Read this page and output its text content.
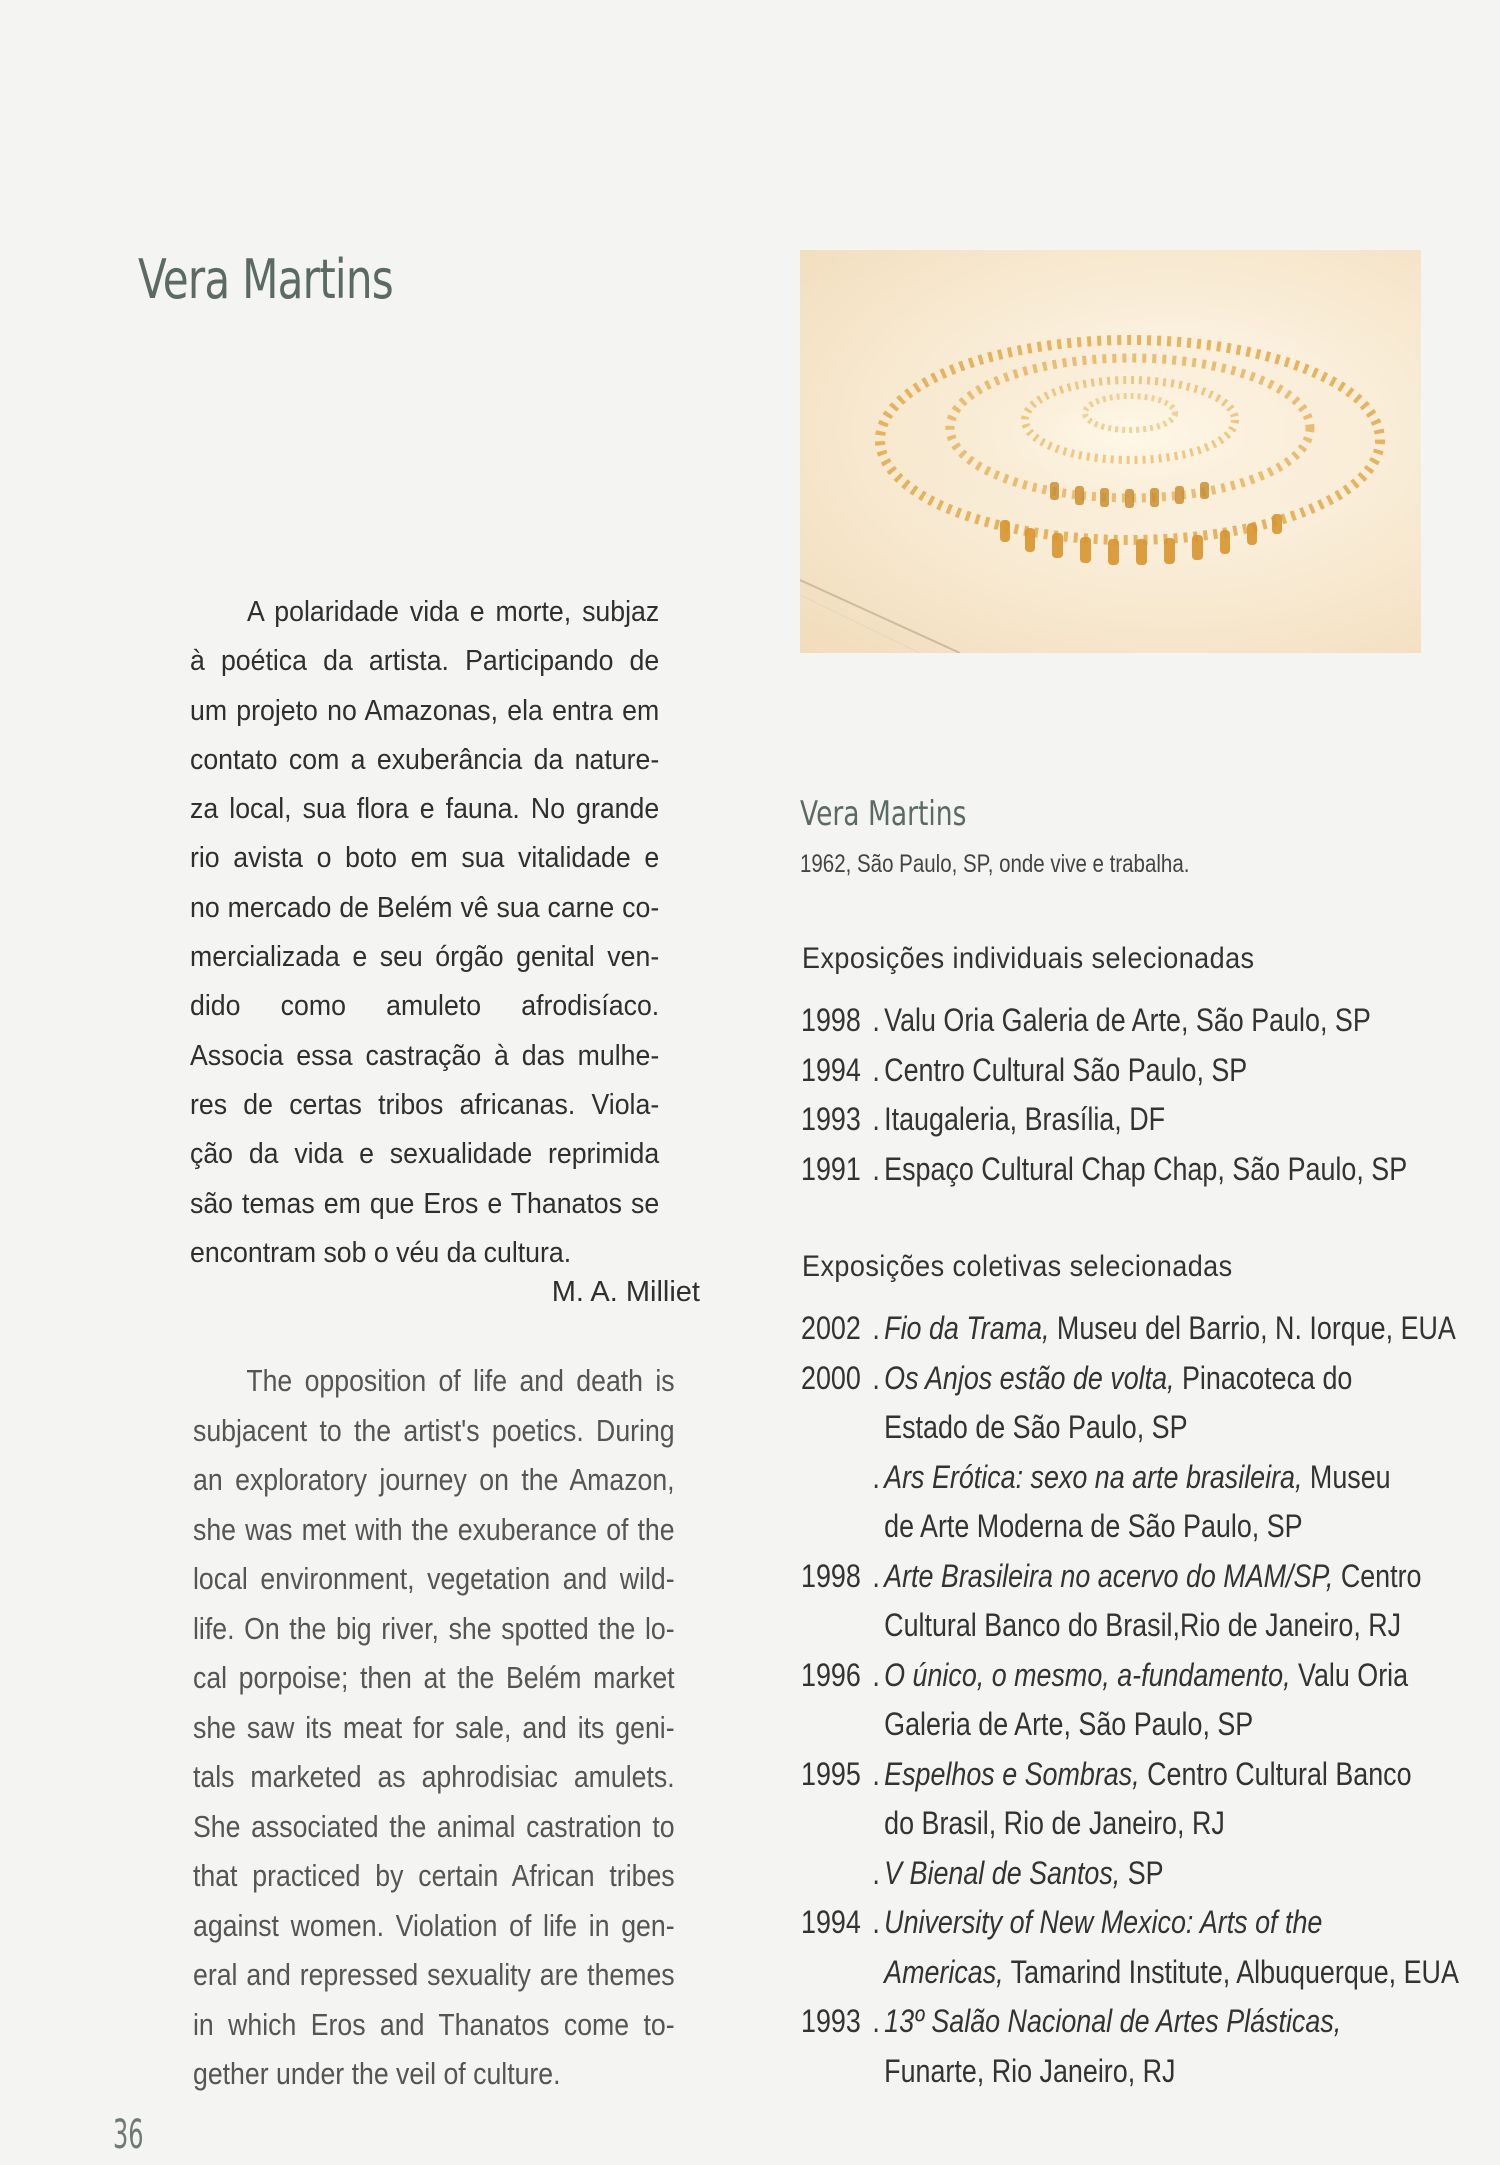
Vera Martins
A polaridade vida e morte, subjaz
à poética da artista. Participando de
um projeto no Amazonas, ela entra em
contato com a exuberância da nature-
za local, sua flora e fauna. No grande
rio avista o boto em sua vitalidade e
no mercado de Belém vê sua carne co-
mercializada e seu órgão genital ven-
dido como amuleto afrodisíaco.
Associa essa castração à das mulhe-
res de certas tribos africanas. Viola-
ção da vida e sexualidade reprimida
são temas em que Eros e Thanatos se
encontram sob o véu da cultura.
M. A. Milliet
The opposition of life and death is
subjacent to the artist's poetics. During
an exploratory journey on the Amazon,
she was met with the exuberance of the
local environment, vegetation and wild-
life. On the big river, she spotted the lo-
cal porpoise; then at the Belém market
she saw its meat for sale, and its geni-
tals marketed as aphrodisiac amulets.
She associated the animal castration to
that practiced by certain African tribes
against women. Violation of life in gen-
eral and repressed sexuality are themes
in which Eros and Thanatos come to-
gether under the veil of culture.
Vera Martins
1962, São Paulo, SP, onde vive e trabalha.
Exposições individuais selecionadas
1998 . Valu Oria Galeria de Arte, São Paulo, SP
1994 . Centro Cultural São Paulo, SP
1993 . Itaugaleria, Brasília, DF
1991 . Espaço Cultural Chap Chap, São Paulo, SP
Exposições coletivas selecionadas
2002 . Fio da Trama, Museu del Barrio, N. Iorque, EUA
2000 . Os Anjos estão de volta, Pinacoteca do
Estado de São Paulo, SP
. Ars Erótica: sexo na arte brasileira, Museu
de Arte Moderna de São Paulo, SP
1998 . Arte Brasileira no acervo do MAM/SP, Centro
Cultural Banco do Brasil,Rio de Janeiro, RJ
1996 . O único, o mesmo, a-fundamento, Valu Oria
Galeria de Arte, São Paulo, SP
1995 . Espelhos e Sombras, Centro Cultural Banco
do Brasil, Rio de Janeiro, RJ
. V Bienal de Santos, SP
1994 . University of New Mexico: Arts of the
Americas, Tamarind Institute, Albuquerque, EUA
1993 . 13º Salão Nacional de Artes Plásticas,
Funarte, Rio Janeiro, RJ
36
